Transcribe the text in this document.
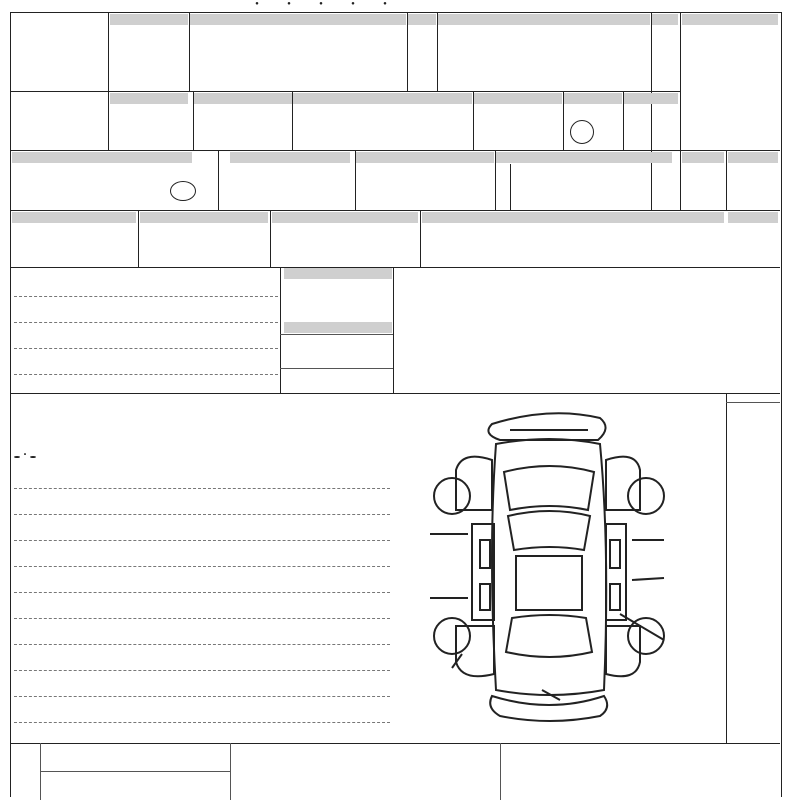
・・・・・
・
